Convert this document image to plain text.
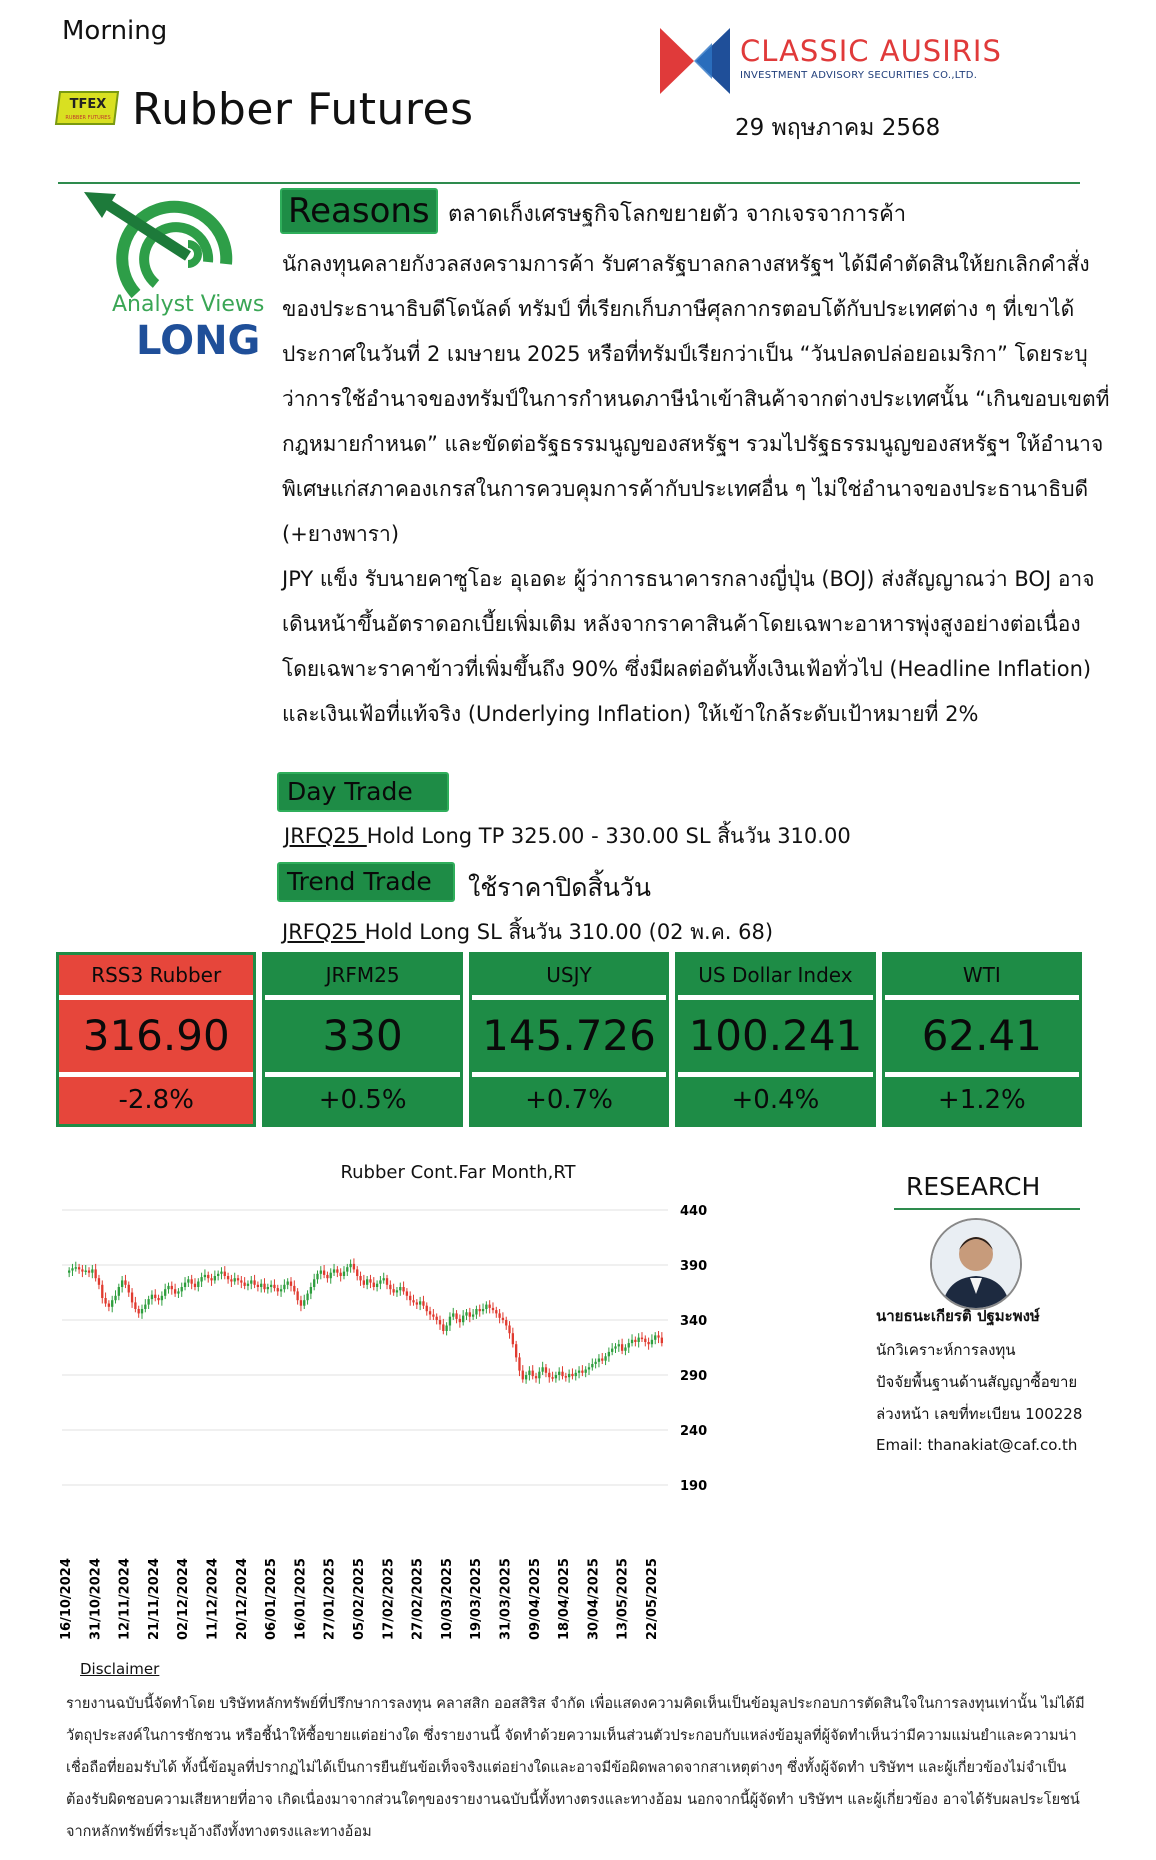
Morning
TFEX
RUBBER FUTURES Rubber Futures
CLASSIC AUSIRIS
INVESTMENT ADVISORY SECURITIES CO.,LTD.
29 พฤษภาคม 2568
Analyst Views
LONG
Reasons ตลาดเก็งเศรษฐกิจโลกขยายตัว จากเจรจาการค้า
นักลงทุนคลายกังวลสงครามการค้า รับศาลรัฐบาลกลางสหรัฐฯ ได้มีคำตัดสินให้ยกเลิกคำสั่งของประธานาธิบดีโดนัลด์ ทรัมป์ ที่เรียกเก็บภาษีศุลกากรตอบโต้กับประเทศต่าง ๆ ที่เขาได้ประกาศในวันที่ 2 เมษายน 2025 หรือที่ทรัมป์เรียกว่าเป็น “วันปลดปล่อยอเมริกา” โดยระบุว่าการใช้อำนาจของทรัมป์ในการกำหนดภาษีนำเข้าสินค้าจากต่างประเทศนั้น “เกินขอบเขตที่กฎหมายกำหนด” และขัดต่อรัฐธรรมนูญของสหรัฐฯ รวมไปรัฐธรรมนูญของสหรัฐฯ ให้อำนาจพิเศษแก่สภาคองเกรสในการควบคุมการค้ากับประเทศอื่น ๆ ไม่ใช่อำนาจของประธานาธิบดี (+ยางพารา)
JPY แข็ง รับนายคาซูโอะ อุเอดะ ผู้ว่าการธนาคารกลางญี่ปุ่น (BOJ) ส่งสัญญาณว่า BOJ อาจเดินหน้าขึ้นอัตราดอกเบี้ยเพิ่มเติม หลังจากราคาสินค้าโดยเฉพาะอาหารพุ่งสูงอย่างต่อเนื่อง โดยเฉพาะราคาข้าวที่เพิ่มขึ้นถึง 90% ซึ่งมีผลต่อดันทั้งเงินเฟ้อทั่วไป (Headline Inflation) และเงินเฟ้อที่แท้จริง (Underlying Inflation) ให้เข้าใกล้ระดับเป้าหมายที่ 2%
Day Trade
JRFQ25 Hold Long TP 325.00 - 330.00 SL สิ้นวัน 310.00
Trend Trade	ใช้ราคาปิดสิ้นวัน
JRFQ25 Hold Long SL สิ้นวัน 310.00 (02 พ.ค. 68)
RSS3 Rubber
316.90
-2.8%
JRFM25
330
+0.5%
USJY
145.726
+0.7%
US Dollar Index
100.241
+0.4%
WTI
62.41
+1.2%
Rubber Cont.Far Month,RT
440
390
340
290
240
190
16/10/2024 31/10/2024 12/11/2024 21/11/2024 02/12/2024 11/12/2024 20/12/2024 06/01/2025 16/01/2025 27/01/2025 05/02/2025 17/02/2025 27/02/2025 10/03/2025 19/03/2025 31/03/2025 09/04/2025 18/04/2025 30/04/2025 13/05/2025 22/05/2025
RESEARCH
นายธนะเกียรติ ปฐมะพงษ์
นักวิเคราะห์การลงทุน
ปัจจัยพื้นฐานด้านสัญญาซื้อขาย
ล่วงหน้า เลขที่ทะเบียน 100228
Email: thanakiat@caf.co.th
Disclaimer
รายงานฉบับนี้จัดทำโดย บริษัทหลักทรัพย์ที่ปรึกษาการลงทุน คลาสสิก ออสสิริส จำกัด เพื่อแสดงความคิดเห็นเป็นข้อมูลประกอบการตัดสินใจในการลงทุนเท่านั้น ไม่ได้มีวัตถุประสงค์ในการชักชวน หรือชี้นำให้ซื้อขายแต่อย่างใด ซึ่งรายงานนี้ จัดทำด้วยความเห็นส่วนตัวประกอบกับแหล่งข้อมูลที่ผู้จัดทำเห็นว่ามีความแม่นยำและความน่าเชื่อถือที่ยอมรับได้ ทั้งนี้ข้อมูลที่ปรากฏไม่ได้เป็นการยืนยันข้อเท็จจริงแต่อย่างใดและอาจมีข้อผิดพลาดจากสาเหตุต่างๆ ซึ่งทั้งผู้จัดทำ บริษัทฯ และผู้เกี่ยวข้องไม่จำเป็นต้องรับผิดชอบความเสียหายที่อาจ เกิดเนื่องมาจากส่วนใดๆของรายงานฉบับนี้ทั้งทางตรงและทางอ้อม นอกจากนี้ผู้จัดทำ บริษัทฯ และผู้เกี่ยวข้อง อาจได้รับผลประโยชน์จากหลักทรัพย์ที่ระบุอ้างถึงทั้งทางตรงและทางอ้อม
